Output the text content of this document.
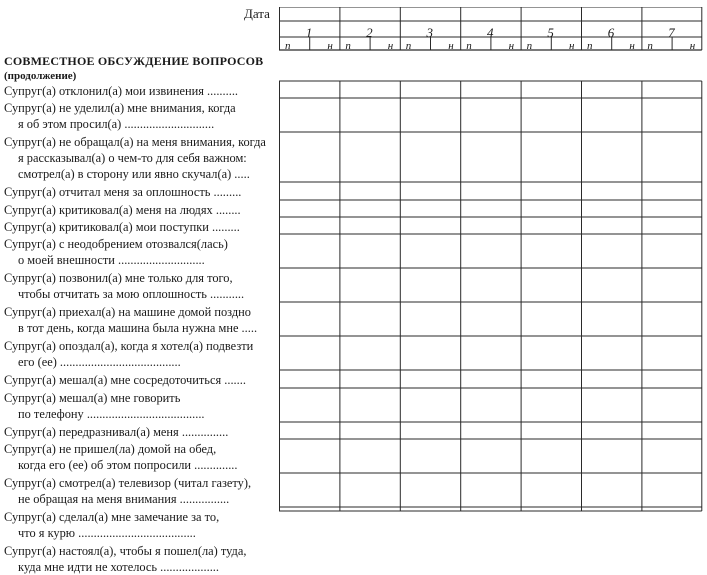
Дата
1	2	3	4	5	6	7
п	н п	н п	н п	н п	н п	н п	н
СОВМЕСТНОЕ ОБСУЖДЕНИЕ ВОПРОСОВ
(продолжение)
Супруг(а) отклонил(а) мои извинения ..........
Супруг(а) не уделил(а) мне внимания, когда
я об этом просил(а) .............................
Супруг(а) не обращал(а) на меня внимания, когда
я рассказывал(а) о чем-то для себя важном:
смотрел(а) в сторону или явно скучал(а) .....
Супруг(а) отчитал меня за оплошность .........
Супруг(а) критиковал(а) меня на людях ........
Супруг(а) критиковал(а) мои поступки .........
Супруг(а) с неодобрением отозвался(лась)
о моей внешности ............................
Супруг(а) позвонил(а) мне только для того,
чтобы отчитать за мою оплошность ...........
Супруг(а) приехал(а) на машине домой поздно
в тот день, когда машина была нужна мне .....
Супруг(а) опоздал(а), когда я хотел(а) подвезти
его (ее) .......................................
Супруг(а) мешал(а) мне сосредоточиться .......
Супруг(а) мешал(а) мне говорить
по телефону ......................................
Супруг(а) передразнивал(а) меня ...............
Супруг(а) не пришел(ла) домой на обед,
когда его (ее) об этом попросили ..............
Супруг(а) смотрел(а) телевизор (читал газету),
не обращая на меня внимания ................
Супруг(а) сделал(а) мне замечание за то,
что я курю ......................................
Супруг(а) настоял(а), чтобы я пошел(ла) туда,
куда мне идти не хотелось ...................
